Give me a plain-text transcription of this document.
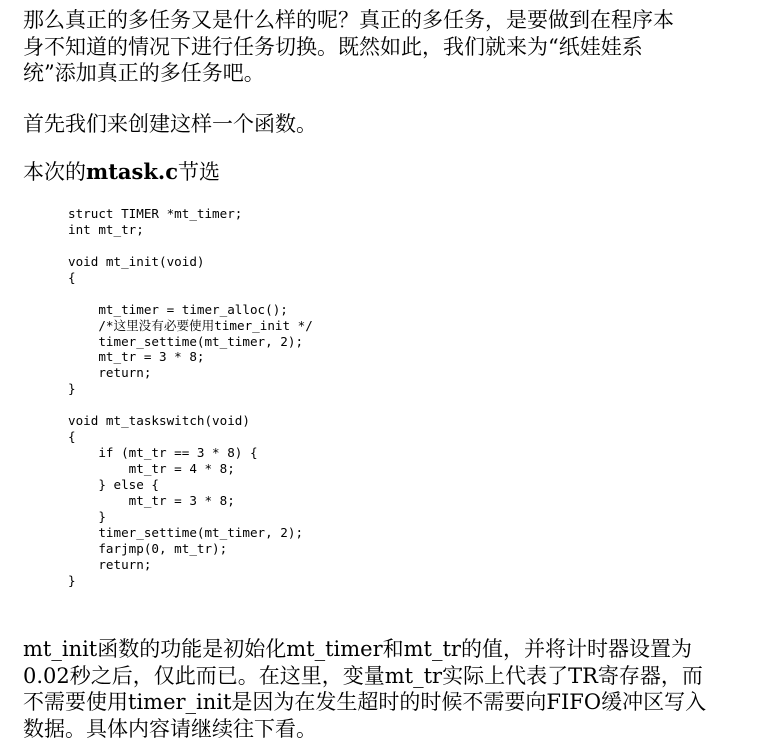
那么真正的多任务又是什么样的呢？真正的多任务，是要做到在程序本
身不知道的情况下进行任务切换。既然如此，我们就来为“纸娃娃系
统”添加真正的多任务吧。
首先我们来创建这样一个函数。
本次的mtask.c节选
struct TIMER *mt_timer;
int mt_tr;
void mt_init(void)
{
mt_timer = timer_alloc();
/*这里没有必要使用timer_init */
timer_settime(mt_timer, 2);
mt_tr = 3 * 8;
return;
}
void mt_taskswitch(void)
{
if (mt_tr == 3 * 8) {
mt_tr = 4 * 8;
} else {
mt_tr = 3 * 8;
}
timer_settime(mt_timer, 2);
farjmp(0, mt_tr);
return;
}
mt_init函数的功能是初始化mt_timer和mt_tr的值，并将计时器设置为
0.02秒之后，仅此而已。在这里，变量mt_tr实际上代表了TR寄存器，而
不需要使用timer_init是因为在发生超时的时候不需要向FIFO缓冲区写入
数据。具体内容请继续往下看。
